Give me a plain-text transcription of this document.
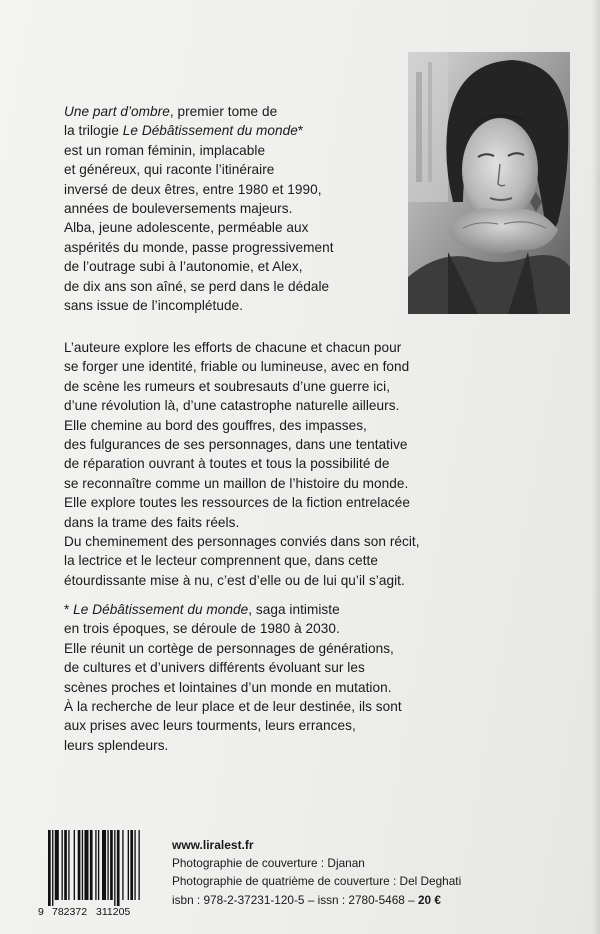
Une part d’ombre, premier tome de
la trilogie Le Débâtissement du monde*
est un roman féminin, implacable
et généreux, qui raconte l’itinéraire
inversé de deux êtres, entre 1980 et 1990,
années de bouleversements majeurs.
Alba, jeune adolescente, perméable aux
aspérités du monde, passe progressivement
de l’outrage subi à l’autonomie, et Alex,
de dix ans son aîné, se perd dans le dédale
sans issue de l’incomplétude.

L’auteure explore les efforts de chacune et chacun pour
se forger une identité, friable ou lumineuse, avec en fond
de scène les rumeurs et soubresauts d’une guerre ici,
d’une révolution là, d’une catastrophe naturelle ailleurs.
Elle chemine au bord des gouffres, des impasses,
des fulgurances de ses personnages, dans une tentative
de réparation ouvrant à toutes et tous la possibilité de
se reconnaître comme un maillon de l’histoire du monde.
Elle explore toutes les ressources de la fiction entrelacée
dans la trame des faits réels.
Du cheminement des personnages conviés dans son récit,
la lectrice et le lecteur comprennent que, dans cette
étourdissante mise à nu, c’est d’elle ou de lui qu’il s’agit.

* Le Débâtissement du monde, saga intimiste
en trois époques, se déroule de 1980 à 2030.
Elle réunit un cortège de personnages de générations,
de cultures et d’univers différents évoluant sur les
scènes proches et lointaines d’un monde en mutation.
À la recherche de leur place et de leur destinée, ils sont
aux prises avec leurs tourments, leurs errances,
leurs splendeurs.

9 782372 311205
www.liralest.fr
Photographie de couverture : Djanan
Photographie de quatrième de couverture : Del Deghati
isbn : 978-2-37231-120-5 – issn : 2780-5468 – 20 €
